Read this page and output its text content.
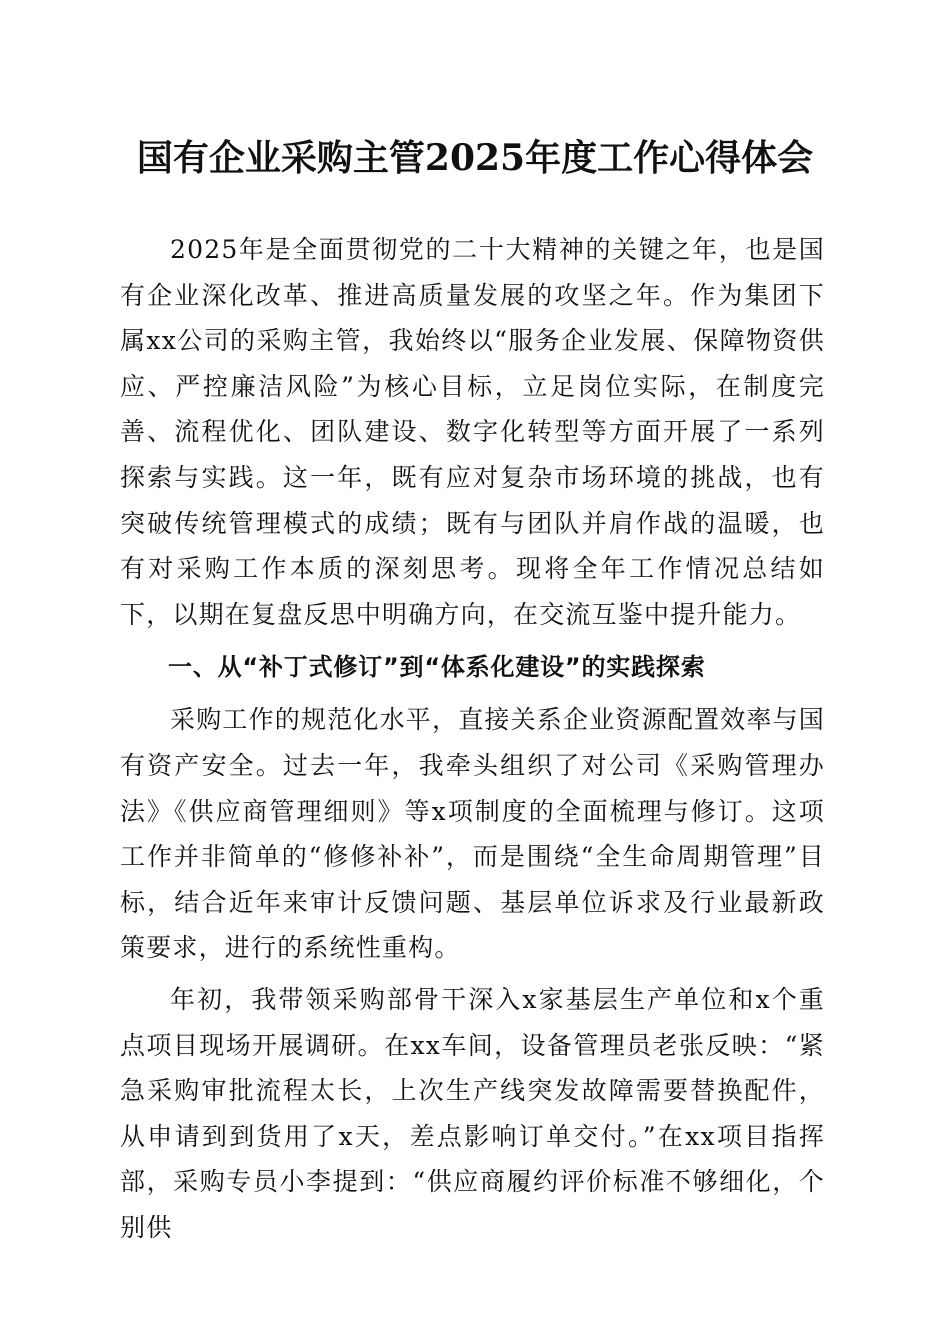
国有企业采购主管2025年度工作心得体会

2025年是全面贯彻党的二十大精神的关键之年，也是国有企业深化改革、推进高质量发展的攻坚之年。作为集团下属xx公司的采购主管，我始终以“服务企业发展、保障物资供应、严控廉洁风险”为核心目标，立足岗位实际，在制度完善、流程优化、团队建设、数字化转型等方面开展了一系列探索与实践。这一年，既有应对复杂市场环境的挑战，也有突破传统管理模式的成绩；既有与团队并肩作战的温暖，也有对采购工作本质的深刻思考。现将全年工作情况总结如下，以期在复盘反思中明确方向，在交流互鉴中提升能力。

一、从“补丁式修订”到“体系化建设”的实践探索

采购工作的规范化水平，直接关系企业资源配置效率与国有资产安全。过去一年，我牵头组织了对公司《采购管理办法》《供应商管理细则》等x项制度的全面梳理与修订。这项工作并非简单的“修修补补”，而是围绕“全生命周期管理”目标，结合近年来审计反馈问题、基层单位诉求及行业最新政策要求，进行的系统性重构。

年初，我带领采购部骨干深入x家基层生产单位和x个重点项目现场开展调研。在xx车间，设备管理员老张反映：“紧急采购审批流程太长，上次生产线突发故障需要替换配件，从申请到到货用了x天，差点影响订单交付。”在xx项目指挥部，采购专员小李提到：“供应商履约评价标准不够细化，个别供
